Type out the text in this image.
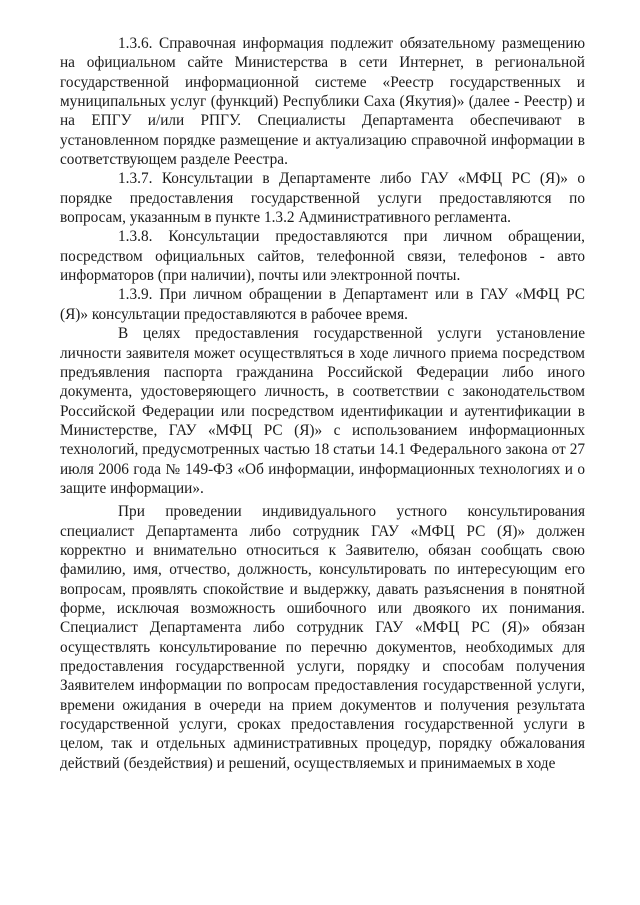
1.3.6. Справочная информация подлежит обязательному размещению на официальном сайте Министерства в сети Интернет, в региональной государственной информационной системе «Реестр государственных и муниципальных услуг (функций) Республики Саха (Якутия)» (далее - Реестр) и на ЕПГУ и/или РПГУ. Специалисты Департамента обеспечивают в установленном порядке размещение и актуализацию справочной информации в соответствующем разделе Реестра.

1.3.7. Консультации в Департаменте либо ГАУ «МФЦ РС (Я)» о порядке предоставления государственной услуги предоставляются по вопросам, указанным в пункте 1.3.2 Административного регламента.

1.3.8. Консультации предоставляются при личном обращении, посредством официальных сайтов, телефонной связи, телефонов - авто информаторов (при наличии), почты или электронной почты.

1.3.9. При личном обращении в Департамент или в ГАУ «МФЦ РС (Я)» консультации предоставляются в рабочее время.

В целях предоставления государственной услуги установление личности заявителя может осуществляться в ходе личного приема посредством предъявления паспорта гражданина Российской Федерации либо иного документа, удостоверяющего личность, в соответствии с законодательством Российской Федерации или посредством идентификации и аутентификации в Министерстве, ГАУ «МФЦ РС (Я)» с использованием информационных технологий, предусмотренных частью 18 статьи 14.1 Федерального закона от 27 июля 2006 года № 149-ФЗ «Об информации, информационных технологиях и о защите информации».

При проведении индивидуального устного консультирования специалист Департамента либо сотрудник ГАУ «МФЦ РС (Я)» должен корректно и внимательно относиться к Заявителю, обязан сообщать свою фамилию, имя, отчество, должность, консультировать по интересующим его вопросам, проявлять спокойствие и выдержку, давать разъяснения в понятной форме, исключая возможность ошибочного или двоякого их понимания. Специалист Департамента либо сотрудник ГАУ «МФЦ РС (Я)» обязан осуществлять консультирование по перечню документов, необходимых для предоставления государственной услуги, порядку и способам получения Заявителем информации по вопросам предоставления государственной услуги, времени ожидания в очереди на прием документов и получения результата государственной услуги, сроках предоставления государственной услуги в целом, так и отдельных административных процедур, порядку обжалования действий (бездействия) и решений, осуществляемых и принимаемых в ходе
